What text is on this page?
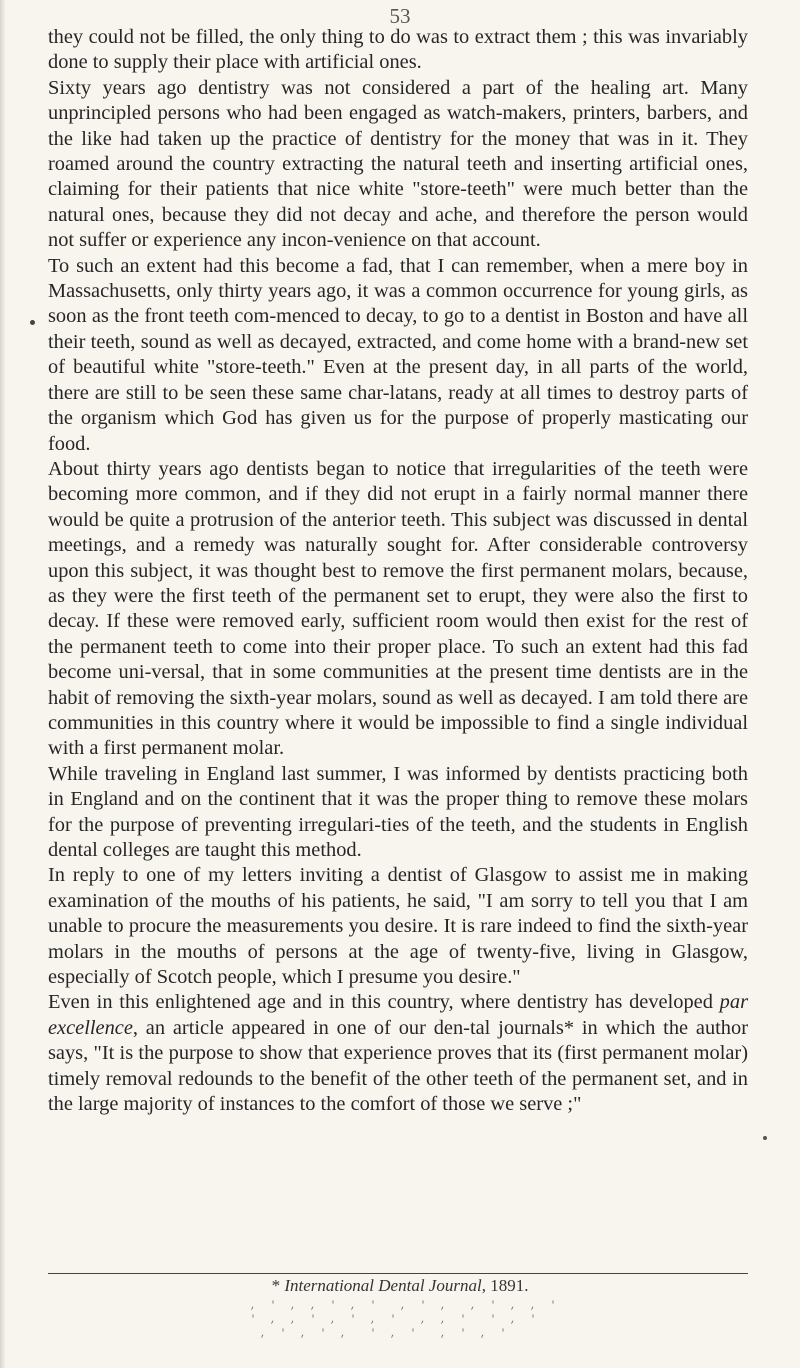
53

they could not be filled, the only thing to do was to extract them ; this was invariably done to supply their place with artificial ones.

Sixty years ago dentistry was not considered a part of the healing art. Many unprincipled persons who had been engaged as watch-makers, printers, barbers, and the like had taken up the practice of dentistry for the money that was in it. They roamed around the country extracting the natural teeth and inserting artificial ones, claiming for their patients that nice white "store-teeth" were much better than the natural ones, because they did not decay and ache, and therefore the person would not suffer or experience any incon-venience on that account.

To such an extent had this become a fad, that I can remember, when a mere boy in Massachusetts, only thirty years ago, it was a common occurrence for young girls, as soon as the front teeth com-menced to decay, to go to a dentist in Boston and have all their teeth, sound as well as decayed, extracted, and come home with a brand-new set of beautiful white "store-teeth." Even at the present day, in all parts of the world, there are still to be seen these same char-latans, ready at all times to destroy parts of the organism which God has given us for the purpose of properly masticating our food.

About thirty years ago dentists began to notice that irregularities of the teeth were becoming more common, and if they did not erupt in a fairly normal manner there would be quite a protrusion of the anterior teeth. This subject was discussed in dental meetings, and a remedy was naturally sought for. After considerable controversy upon this subject, it was thought best to remove the first permanent molars, because, as they were the first teeth of the permanent set to erupt, they were also the first to decay. If these were removed early, sufficient room would then exist for the rest of the permanent teeth to come into their proper place. To such an extent had this fad become uni-versal, that in some communities at the present time dentists are in the habit of removing the sixth-year molars, sound as well as decayed. I am told there are communities in this country where it would be impossible to find a single individual with a first permanent molar.

While traveling in England last summer, I was informed by dentists practicing both in England and on the continent that it was the proper thing to remove these molars for the purpose of preventing irregulari-ties of the teeth, and the students in English dental colleges are taught this method.

In reply to one of my letters inviting a dentist of Glasgow to assist me in making examination of the mouths of his patients, he said, "I am sorry to tell you that I am unable to procure the measurements you desire. It is rare indeed to find the sixth-year molars in the mouths of persons at the age of twenty-five, living in Glasgow, especially of Scotch people, which I presume you desire."

Even in this enlightened age and in this country, where dentistry has developed par excellence, an article appeared in one of our den-tal journals* in which the author says, "It is the purpose to show that experience proves that its (first permanent molar) timely removal redounds to the benefit of the other teeth of the permanent set, and in the large majority of instances to the comfort of those we serve ;"

* International Dental Journal, 1891.
, ' , , ' , '  , ' ,  , ' , , '
' , , ' , ' , '  , , '  ' , '
, ' , ' ,  ' , '  , ' , '
